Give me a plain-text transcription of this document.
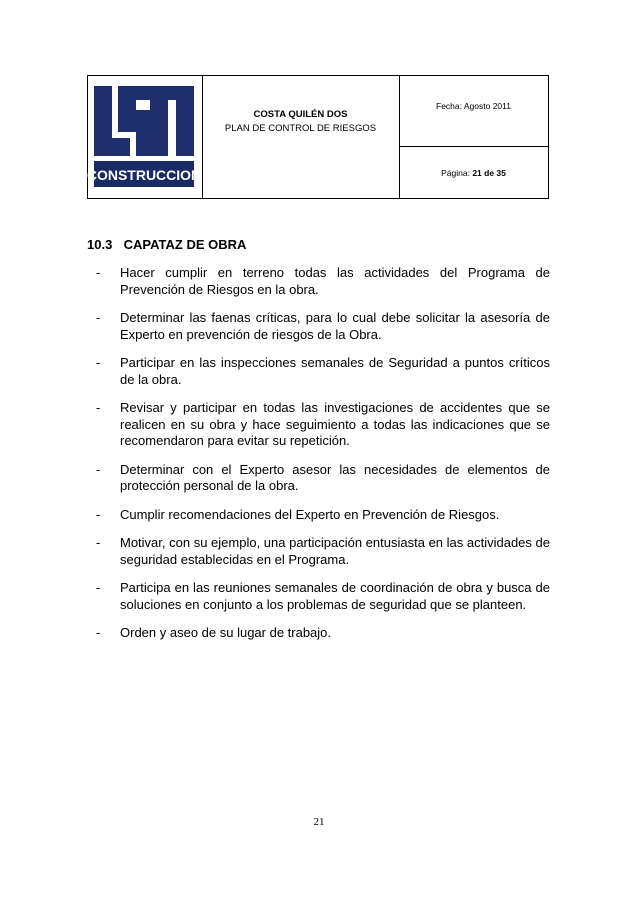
CONSTRUCCION
COSTA QUILÉN DOS
PLAN DE CONTROL DE RIESGOS
Fecha: Agosto 2011
Página: 21 de 35
10.3 CAPATAZ DE OBRA
- Hacer cumplir en terreno todas las actividades del Programa de Prevención de Riesgos en la obra.
- Determinar las faenas críticas, para lo cual debe solicitar la asesoría de Experto en prevención de riesgos de la Obra.
- Participar en las inspecciones semanales de Seguridad a puntos críticos de la obra.
- Revisar y participar en todas las investigaciones de accidentes que se realicen en su obra y hace seguimiento a todas las indicaciones que se recomendaron para evitar su repetición.
- Determinar con el Experto asesor las necesidades de elementos de protección personal de la obra.
- Cumplir recomendaciones del Experto en Prevención de Riesgos.
- Motivar, con su ejemplo, una participación entusiasta en las actividades de seguridad establecidas en el Programa.
- Participa en las reuniones semanales de coordinación de obra y busca de soluciones en conjunto a los problemas de seguridad que se planteen.
- Orden y aseo de su lugar de trabajo.
21
